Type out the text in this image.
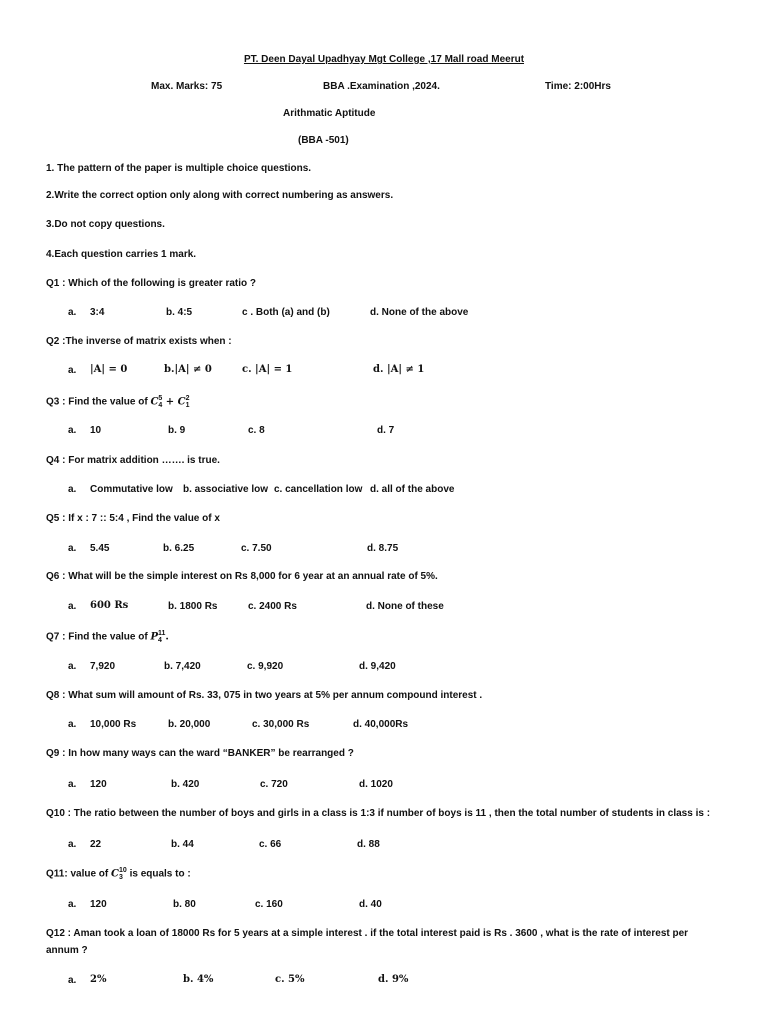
PT. Deen Dayal Upadhyay Mgt College ,17 Mall road Meerut
Max. Marks: 75	BBA .Examination ,2024.	Time: 2:00Hrs
Arithmatic Aptitude
(BBA -501)
1. The pattern of the paper is multiple choice questions.
2.Write the correct option only along with correct numbering as answers.
3.Do not copy questions.
4.Each question carries 1 mark.
Q1 : Which of the following is greater ratio ?
a. 3:4	b. 4:5	c . Both (a) and (b)	d. None of the above
Q2 :The inverse of matrix exists when :
a. |A| = 0	b.|A| ≠ 0	c. |A| = 1	d. |A| ≠ 1
Q3 : Find the value of C 5
4 + C 2
1
a. 10	b. 9	c. 8	d. 7
Q4 : For matrix addition ……. is true.
a. Commutative low b. associative low c. cancellation low d. all of the above
Q5 : If x : 7 :: 5:4 , Find the value of x
a. 5.45	b. 6.25	c. 7.50	d. 8.75
Q6 : What will be the simple interest on Rs 8,000 for 6 year at an annual rate of 5%.
a. 600 Rs	b. 1800 Rs	c. 2400 Rs	d. None of these
Q7 : Find the value of P 11
4 .
a. 7,920	b. 7,420	c. 9,920	d. 9,420
Q8 : What sum will amount of Rs. 33, 075 in two years at 5% per annum compound interest .
a. 10,000 Rs	b. 20,000	c. 30,000 Rs	d. 40,000Rs
Q9 : In how many ways can the ward “BANKER” be rearranged ?
a. 120	b. 420	c. 720	d. 1020
Q10 : The ratio between the number of boys and girls in a class is 1:3 if number of boys is 11 , then the total number of students in class is :
a. 22	b. 44	c. 66	d. 88
Q11: value of C 10
3 is equals to :
a. 120	b. 80	c. 160	d. 40
Q12 : Aman took a loan of 18000 Rs for 5 years at a simple interest . if the total interest paid is Rs . 3600 , what is the rate of interest per
annum ?
a. 2%	b. 4%	c. 5%	d. 9%
